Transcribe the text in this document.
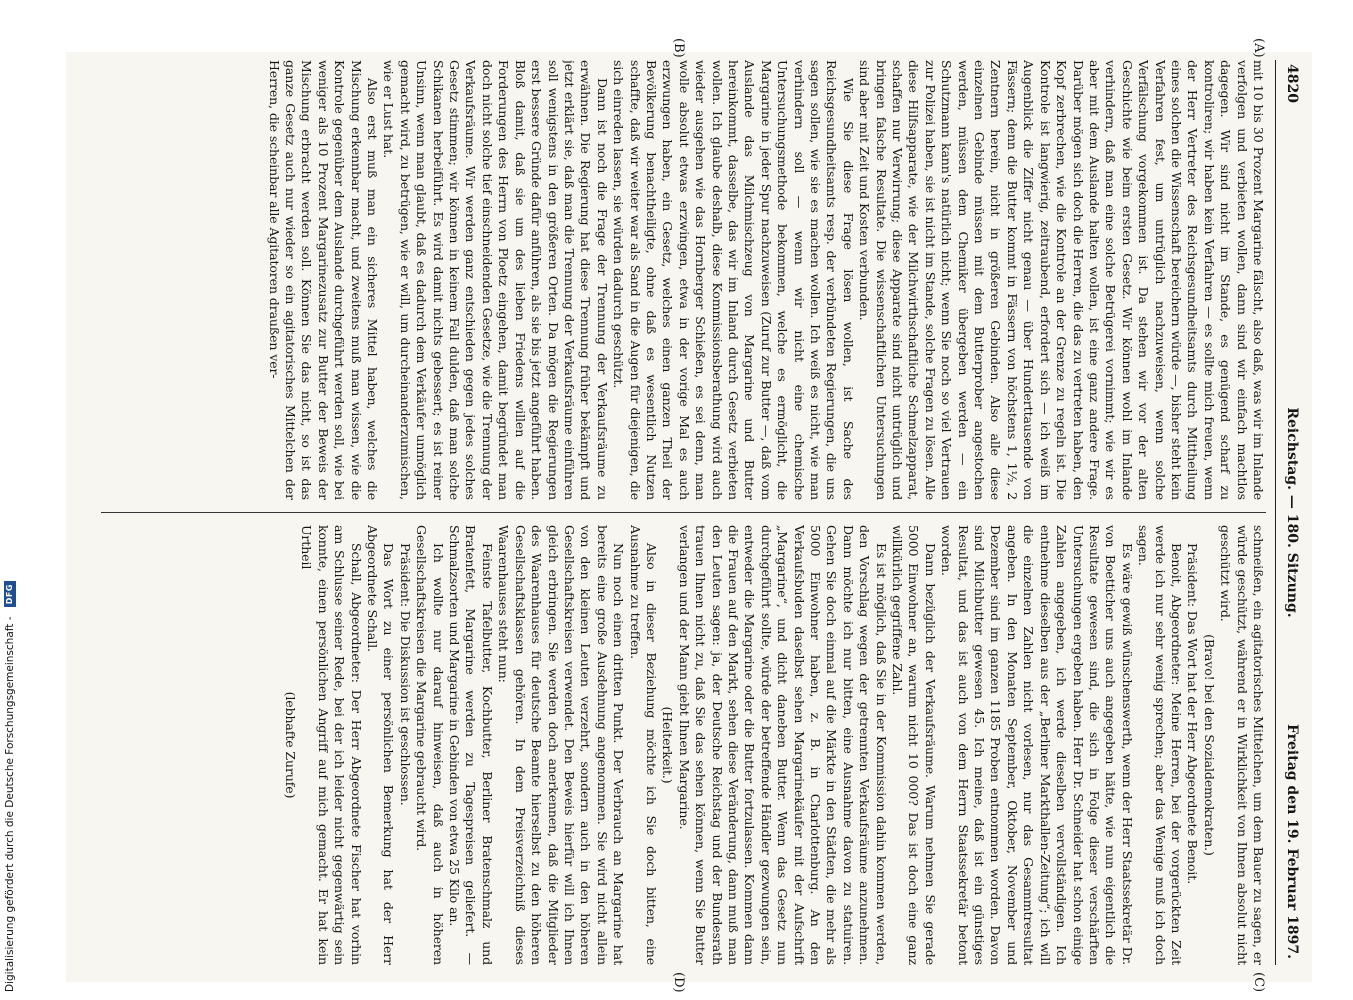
4820
Reichstag. — 180. Sitzung.
Freitag den 19. Februar 1897.
(A)
(B)
(C)
(D)

mit 10 bis 30 Prozent Margarine fälscht, also daß, was wir im Inlande verfolgen und verbieten wollen, dann sind wir einfach machtlos dagegen. Wir sind nicht im Stande, es genügend scharf zu kontroliren; wir haben kein Verfahren — es sollte mich freuen, wenn der Herr Vertreter des Reichsgesundheitsamts durch Mittheilung eines solchen die Wissenschaft bereichern würde —, bisher steht kein Verfahren fest, um untrüglich nachzuweisen, wenn solche Verfälschung vorgekommen ist. Da stehen wir vor der alten Geschichte wie beim ersten Gesetz. Wir können wohl im Inlande verhindern, daß man eine solche Betrügerei vornimmt; wie wir es aber mit dem Auslande halten wollen, ist eine ganz andere Frage. Darüber mögen sich doch die Herren, die das zu vertreten haben, den Kopf zerbrechen, wie die Kontrole an der Grenze zu regeln ist. Die Kontrole ist langwierig, zeitraubend, erfordert sich — ich weiß im Augenblick die Ziffer nicht genau — über Hunderttausende von Fässern; denn die Butter kommt in Fässern von höchstens 1, 1½, 2 Zentnern herein, nicht in größeren Gebinden. Also alle diese einzelnen Gebinde müssen mit dem Butterprober angestochen werden, müssen dem Chemiker übergeben werden — ein Schutzmann kann's natürlich nicht; wenn Sie noch so viel Vertrauen zur Polizei haben, sie ist nicht im Stande, solche Fragen zu lösen. Alle diese Hilfsapparate, wie der Milchwirthschaftliche Schmelzapparat, schaffen nur Verwirrung; diese Apparate sind nicht untrüglich und bringen falsche Resultate. Die wissenschaftlichen Untersuchungen sind aber mit Zeit und Kosten verbunden.

Wie Sie diese Frage lösen wollen, ist Sache des Reichsgesundheitsamts resp. der verbündeten Regierungen, die uns sagen sollen, wie sie es machen wollen. Ich weiß es nicht, wie man verhindern soll — wenn wir nicht eine chemische Untersuchungsmethode bekommen, welche es ermöglicht, die Margarine in jeder Spur nachzuweisen (Zuruf zur Butter —, daß vom Auslande das Milchmischzeug von Margarine und Butter hereinkommt, dasselbe, das wir im Inland durch Gesetz verbieten wollen. Ich glaube deshalb, diese Kommissionsberathung wird auch wieder ausgehen wie das Hornberger Schießen, es sei denn, man wolle absolut etwas erzwingen, etwa in der vorige Mal es auch erzwungen haben, ein Gesetz, welches einen ganzen Theil der Bevölkerung benachtheiligte, ohne daß es wesentlich Nutzen schaffte, daß wir weiter war als Sand in die Augen für diejenigen, die sich einreden lassen, sie würden dadurch geschützt.

Dann ist noch die Frage der Trennung der Verkaufsräume zu erwähnen. Die Regierung hat diese Trennung früher bekämpft und jetzt erklärt sie, daß man die Trennung der Verkaufsräume einführen soll wenigstens in den größeren Orten. Da mögen die Regierungen erst bessere Gründe dafür anführen, als sie bis jetzt angeführt haben. Bloß damit, daß sie um des lieben Friedens willen auf die Forderungen des Herrn von Ploetz eingehen, damit begründet man doch nicht solche tief einschneidenden Gesetze, wie die Trennung der Verkaufsräume. Wir werden ganz entschieden gegen jedes solches Gesetz stimmen; wir können in keinem Fall dulden, daß man solche Schikanen herbeiführt. Es wird damit nichts gebessert; es ist reiner Unsinn, wenn man glaubt, daß es dadurch dem Verkäufer unmöglich gemacht wird, zu betrügen, wie er will, um durcheinanderzumischen, wie er Lust hat.

Also erst muß man ein sicheres Mittel haben, welches die Mischung erkennbar macht, und zweitens muß man wissen, wie die Kontrole gegenüber dem Auslande durchgeführt werden soll, wie bei weniger als 10 Prozent Margarinezusatz zur Butter der Beweis der Mischung erbracht werden soll. Können Sie das nicht, so ist das ganze Gesetz auch nur wieder so ein agitatorisches Mittelchen der Herren, die scheinbar alle Agitatoren draußen ver-

schmeißen, ein agitatorisches Mittelchen, um dem Bauer zu sagen, er würde geschützt, während er in Wirklichkeit von Ihnen absolut nicht geschützt wird.

(Bravo! bei den Sozialdemokraten.)

Präsident: Das Wort hat der Herr Abgeordnete Benoit.

Benoit, Abgeordneter: Meine Herren, bei der vorgerückten Zeit werde ich nur sehr wenig sprechen; aber das Wenige muß ich doch sagen.

Es wäre gewiß wünschenswerth, wenn der Herr Staatssekretär Dr. von Boetticher uns auch angegeben hätte, wie nun eigentlich die Resultate gewesen sind, die sich in Folge dieser verschärften Untersuchungen ergeben haben. Herr Dr. Schneider hat schon einige Zahlen angegeben, ich werde dieselben vervollständigen. Ich entnehme dieselben aus der „Berliner Markthallen-Zeitung“; ich will die einzelnen Zahlen nicht vorlesen, nur das Gesammtresultat angeben. In den Monaten September, Oktober, November und Dezember sind im ganzen 1185 Proben entnommen worden. Davon sind Milchbutter gewesen 45. Ich meine, daß ist ein günstiges Resultat, und das ist auch von dem Herrn Staatssekretär betont worden.

Dann bezüglich der Verkaufsräume. Warum nehmen Sie gerade 5000 Einwohner an, warum nicht 10 000? Das ist doch eine ganz willkürlich gegriffene Zahl.

Es ist möglich, daß Sie in der Kommission dahin kommen werden, den Vorschlag wegen der getrennten Verkaufsräume anzunehmen. Dann möchte ich nur bitten, eine Ausnahme davon zu statuiren. Gehen Sie doch einmal auf die Märkte in den Städten, die mehr als 5000 Einwohner haben, z. B. in Charlottenburg. An den Verkaufsbuden daselbst sehen Margarinekäufer mit der Aufschrift „Margarine“, und dicht daneben Butter. Wenn das Gesetz nun durchgeführt sollte, würde der betreffende Händler gezwungen sein, entweder die Margarine oder die Butter fortzulassen. Kommen dann die Frauen auf den Markt, sehen diese Veränderung, dann muß man den Leuten sagen: ja, der Deutsche Reichstag und der Bundesrath trauen Ihnen nicht zu, daß Sie das sehen können, wenn Sie Butter verlangen und der Mann giebt Ihnen Margarine.

(Heiterkeit.)

Also in dieser Beziehung möchte ich Sie doch bitten, eine Ausnahme zu treffen.

Nun noch einen dritten Punkt. Der Verbrauch an Margarine hat bereits eine große Ausdehnung angenommen. Sie wird nicht allein von den kleinen Leuten verzehrt, sondern auch in den höheren Gesellschaftskreisen verwendet. Den Beweis hierfür will ich Ihnen gleich erbringen. Sie werden doch anerkennen, daß die Mitglieder des Waarenhauses für deutsche Beamte hierselbst zu den höheren Gesellschaftsklassen gehören. In dem Preisverzeichniß dieses Waarenhauses steht nun:

Feinste Tafelbutter, Kochbutter, Berliner Bratenschmalz und Bratenfett, Margarine werden zu Tagespreisen geliefert. — Schmalzsorten und Margarine in Gebinden von etwa 25 Kilo an.

Ich wollte nur darauf hinweisen, daß auch in höheren Gesellschaftskreisen die Margarine gebraucht wird.

Präsident: Die Diskussion ist geschlossen.

Das Wort zu einer persönlichen Bemerkung hat der Herr Abgeordnete Schall.

Schall, Abgeordneter: Der Herr Abgeordnete Fischer hat vorhin am Schlusse seiner Rede, bei der ich leider nicht gegenwärtig sein konnte, einen persönlichen Angriff auf mich gemacht. Er hat kein Urtheil

(lebhafte Zurufe)

Digitalisierung gefördert durch die Deutsche Forschungsgemeinschaft - DFG
